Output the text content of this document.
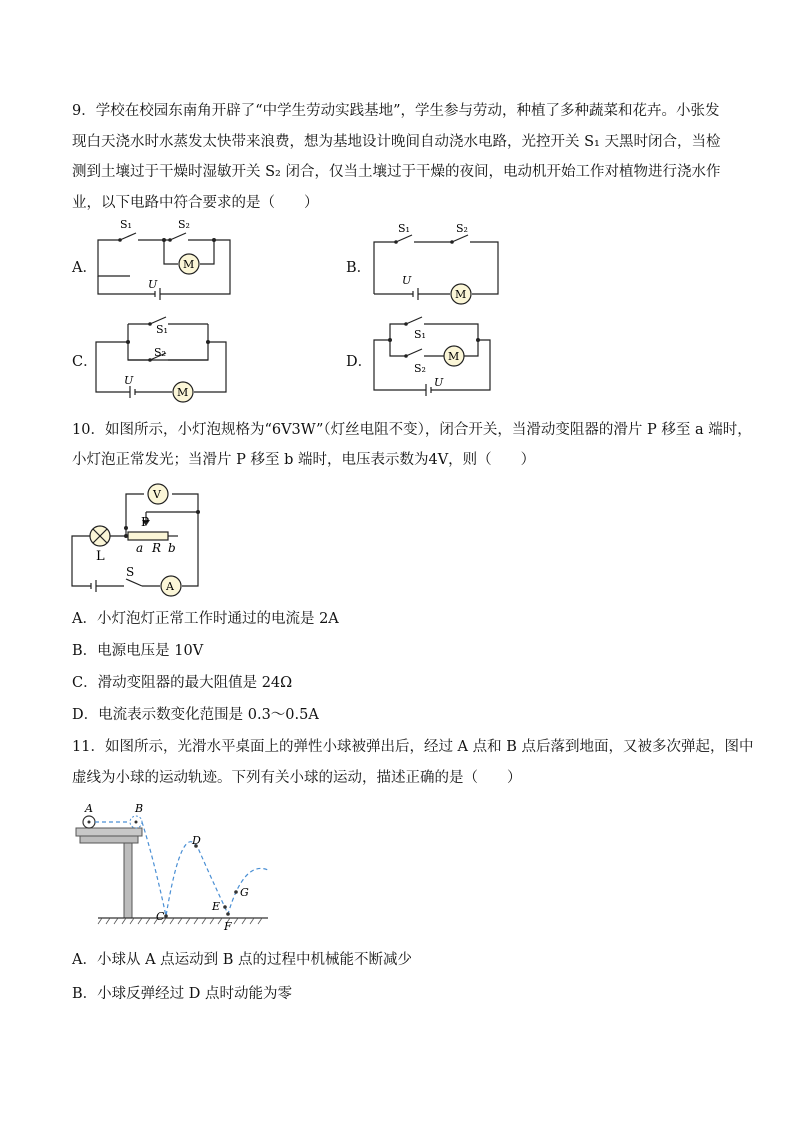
9．学校在校园东南角开辟了“中学生劳动实践基地”，学生参与劳动，种植了多种蔬菜和花卉。小张发现白天浇水时水蒸发太快带来浪费，想为基地设计晚间自动浇水电路，光控开关 S₁ 天黑时闭合，当检测到土壤过于干燥时湿敏开关 S₂ 闭合，仅当土壤过于干燥的夜间，电动机开始工作对植物进行浇水作业，以下电路中符合要求的是（　　）

A．	B．
C．	D．
M
S₁	S₂
U
M
S₁	S₂
U
M
S₁
S₂
U
M
S₁
S₂
U
10．如图所示，小灯泡规格为“6V3W”（灯丝电阻不变），闭合开关，当滑动变阻器的滑片 P 移至 a 端时，
小灯泡正常发光；当滑片 P 移至 b 端时，电压表示数为4V，则（　　）
V
A
P
a R b
L
S
A．小灯泡灯正常工作时通过的电流是 2A
B．电源电压是 10V
C．滑动变阻器的最大阻值是 24Ω
D．电流表示数变化范围是 0.3～0.5A
11．如图所示，光滑水平桌面上的弹性小球被弹出后，经过 A 点和 B 点后落到地面，又被多次弹起，图中
虚线为小球的运动轨迹。下列有关小球的运动，描述正确的是（　　）
A	B
C
D
E
F
G
A．小球从 A 点运动到 B 点的过程中机械能不断减少
B．小球反弹经过 D 点时动能为零
